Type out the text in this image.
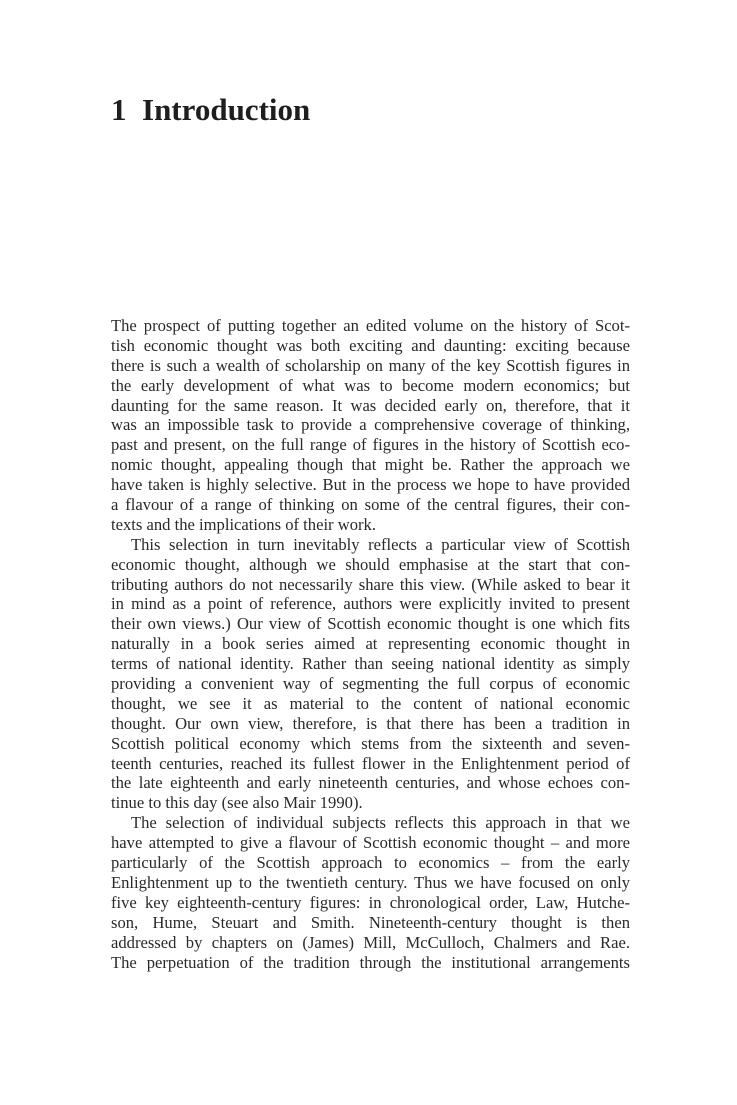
1 Introduction
The prospect of putting together an edited volume on the history of Scot-
tish economic thought was both exciting and daunting: exciting because
there is such a wealth of scholarship on many of the key Scottish figures in
the early development of what was to become modern economics; but
daunting for the same reason. It was decided early on, therefore, that it
was an impossible task to provide a comprehensive coverage of thinking,
past and present, on the full range of figures in the history of Scottish eco-
nomic thought, appealing though that might be. Rather the approach we
have taken is highly selective. But in the process we hope to have provided
a flavour of a range of thinking on some of the central figures, their con-
texts and the implications of their work.
This selection in turn inevitably reflects a particular view of Scottish
economic thought, although we should emphasise at the start that con-
tributing authors do not necessarily share this view. (While asked to bear it
in mind as a point of reference, authors were explicitly invited to present
their own views.) Our view of Scottish economic thought is one which fits
naturally in a book series aimed at representing economic thought in
terms of national identity. Rather than seeing national identity as simply
providing a convenient way of segmenting the full corpus of economic
thought, we see it as material to the content of national economic
thought. Our own view, therefore, is that there has been a tradition in
Scottish political economy which stems from the sixteenth and seven-
teenth centuries, reached its fullest flower in the Enlightenment period of
the late eighteenth and early nineteenth centuries, and whose echoes con-
tinue to this day (see also Mair 1990).
The selection of individual subjects reflects this approach in that we
have attempted to give a flavour of Scottish economic thought – and more
particularly of the Scottish approach to economics – from the early
Enlightenment up to the twentieth century. Thus we have focused on only
five key eighteenth-century figures: in chronological order, Law, Hutche-
son, Hume, Steuart and Smith. Nineteenth-century thought is then
addressed by chapters on (James) Mill, McCulloch, Chalmers and Rae.
The perpetuation of the tradition through the institutional arrangements
